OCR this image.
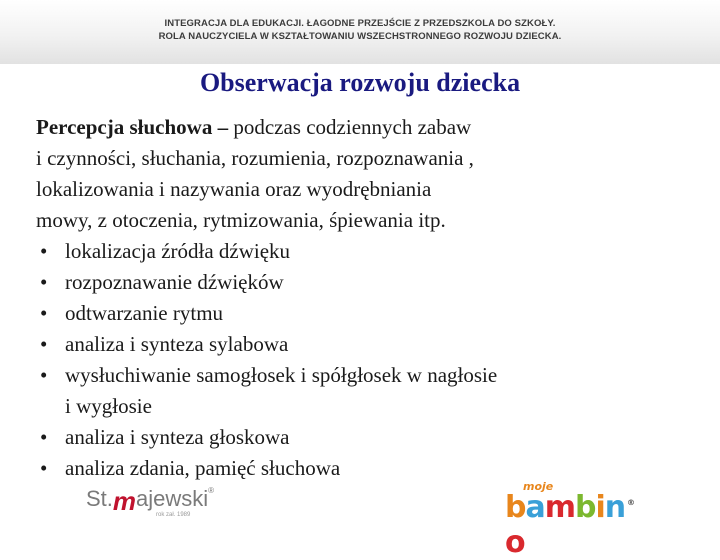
INTEGRACJA DLA EDUKACJI. ŁAGODNE PRZEJŚCIE Z PRZEDSZKOLA DO SZKOŁY.
ROLA NAUCZYCIELA W KSZTAŁTOWANIU WSZECHSTRONNEGO ROZWOJU DZIECKA.
Obserwacja rozwoju dziecka

Percepcja słuchowa – podczas codziennych zabaw

i czynności, słuchania, rozumienia, rozpoznawania ,

lokalizowania i nazywania oraz wyodrębniania

mowy, z otoczenia, rytmizowania, śpiewania itp.

• lokalizacja źródła dźwięku
• rozpoznawanie dźwięków
• odtwarzanie rytmu
• analiza i synteza sylabowa
• wysłuchiwanie samogłosek i spółgłosek w nagłosie
i wygłosie
• analiza i synteza głoskowa
• analiza zdania, pamięć słuchowa
St.majewski®
rok zał. 1989
moje
bambino
®
